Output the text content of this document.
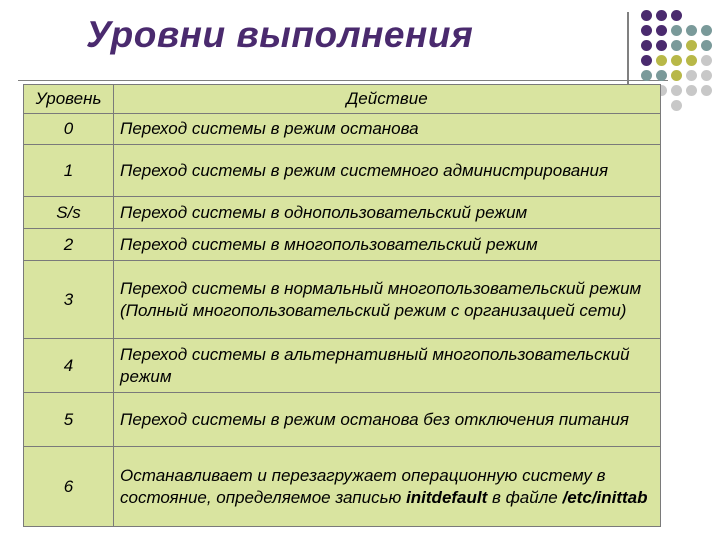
Уровни выполнения
Уровень	Действие
0	Переход системы в режим останова
1	Переход системы в режим системного администрирования
S/s	Переход системы в однопользовательский режим
2	Переход системы в многопользовательский режим
3	Переход системы в нормальный многопользовательский режим (Полный многопользовательский режим с организацией сети)
4	Переход системы в альтернативный многопользовательский режим
5	Переход системы в режим останова без отключения питания
6	Останавливает и перезагружает операционную систему в состояние, определяемое записью initdefault в файле /etc/inittab
